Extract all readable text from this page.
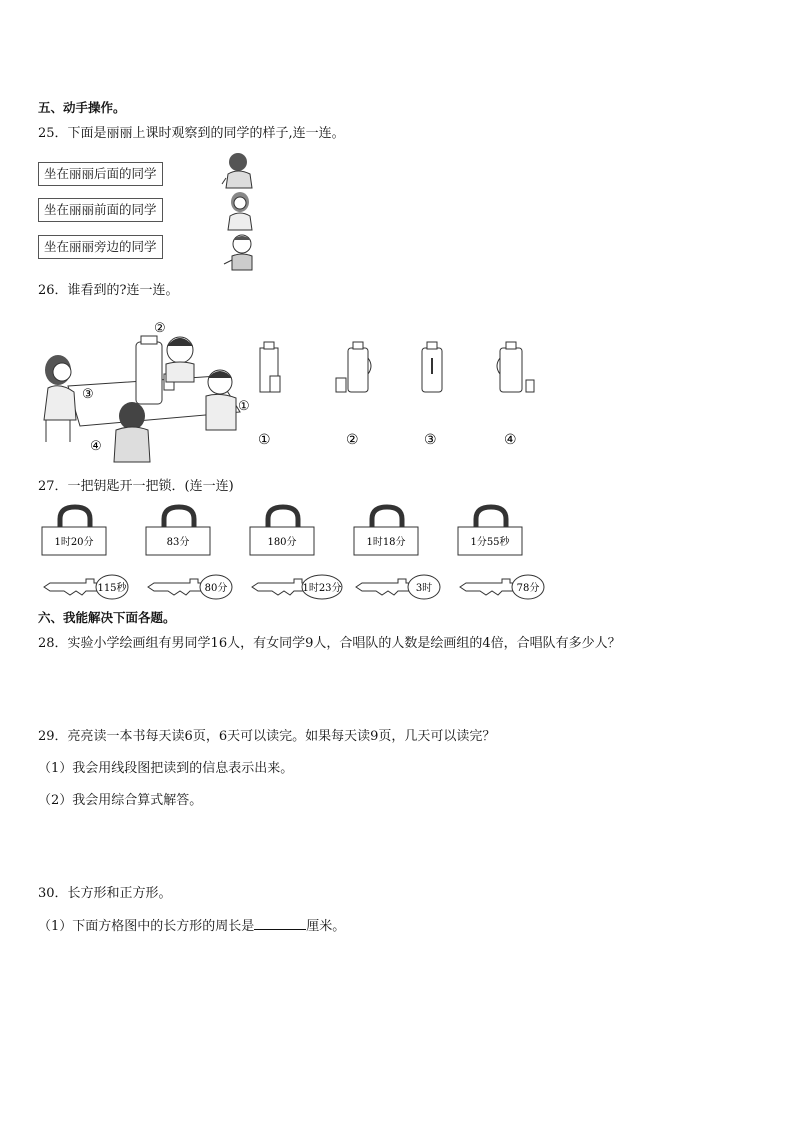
五、动手操作。
25．下面是丽丽上课时观察到的同学的样子,连一连。
坐在丽丽后面的同学
坐在丽丽前面的同学
坐在丽丽旁边的同学
26．谁看到的?连一连。
②
③
①
④	①	②	③	④
27．一把钥匙开一把锁．(连一连)
1时20分	83分	180分	1时18分	1分55秒
115秒	80分	1时23分	3时	78分
六、我能解决下面各题。
28．实验小学绘画组有男同学16人，有女同学9人，合唱队的人数是绘画组的4倍，合唱队有多少人？
29．亮亮读一本书每天读6页，6天可以读完。如果每天读9页，几天可以读完？
（1）我会用线段图把读到的信息表示出来。
（2）我会用综合算式解答。
30．长方形和正方形。
（1）下面方格图中的长方形的周长是	厘米。
